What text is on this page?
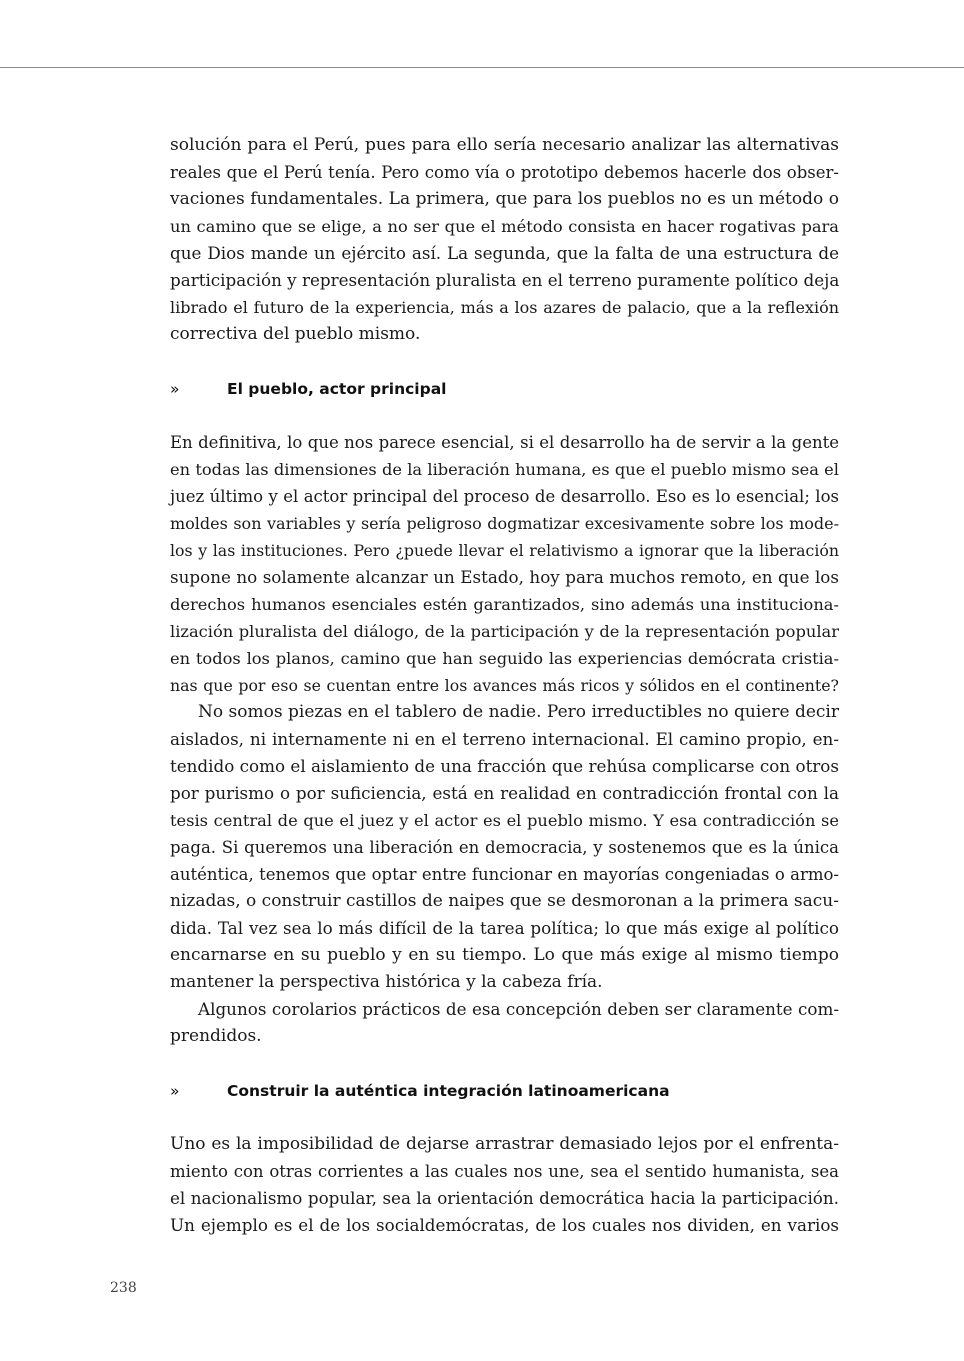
solución para el Perú, pues para ello sería necesario analizar las alternativas
reales que el Perú tenía. Pero como vía o prototipo debemos hacerle dos obser-
vaciones fundamentales. La primera, que para los pueblos no es un método o
un camino que se elige, a no ser que el método consista en hacer rogativas para
que Dios mande un ejército así. La segunda, que la falta de una estructura de
participación y representación pluralista en el terreno puramente político deja
librado el futuro de la experiencia, más a los azares de palacio, que a la reflexión
correctiva del pueblo mismo.
»	El pueblo, actor principal
En definitiva, lo que nos parece esencial, si el desarrollo ha de servir a la gente
en todas las dimensiones de la liberación humana, es que el pueblo mismo sea el
juez último y el actor principal del proceso de desarrollo. Eso es lo esencial; los
moldes son variables y sería peligroso dogmatizar excesivamente sobre los mode-
los y las instituciones. Pero ¿puede llevar el relativismo a ignorar que la liberación
supone no solamente alcanzar un Estado, hoy para muchos remoto, en que los
derechos humanos esenciales estén garantizados, sino además una instituciona-
lización pluralista del diálogo, de la participación y de la representación popular
en todos los planos, camino que han seguido las experiencias demócrata cristia-
nas que por eso se cuentan entre los avances más ricos y sólidos en el continente?
No somos piezas en el tablero de nadie. Pero irreductibles no quiere decir
aislados, ni internamente ni en el terreno internacional. El camino propio, en-
tendido como el aislamiento de una fracción que rehúsa complicarse con otros
por purismo o por suficiencia, está en realidad en contradicción frontal con la
tesis central de que el juez y el actor es el pueblo mismo. Y esa contradicción se
paga. Si queremos una liberación en democracia, y sostenemos que es la única
auténtica, tenemos que optar entre funcionar en mayorías congeniadas o armo-
nizadas, o construir castillos de naipes que se desmoronan a la primera sacu-
dida. Tal vez sea lo más difícil de la tarea política; lo que más exige al político
encarnarse en su pueblo y en su tiempo. Lo que más exige al mismo tiempo
mantener la perspectiva histórica y la cabeza fría.
Algunos corolarios prácticos de esa concepción deben ser claramente com-
prendidos.
»	Construir la auténtica integración latinoamericana
Uno es la imposibilidad de dejarse arrastrar demasiado lejos por el enfrenta-
miento con otras corrientes a las cuales nos une, sea el sentido humanista, sea
el nacionalismo popular, sea la orientación democrática hacia la participación.
Un ejemplo es el de los socialdemócratas, de los cuales nos dividen, en varios
238
